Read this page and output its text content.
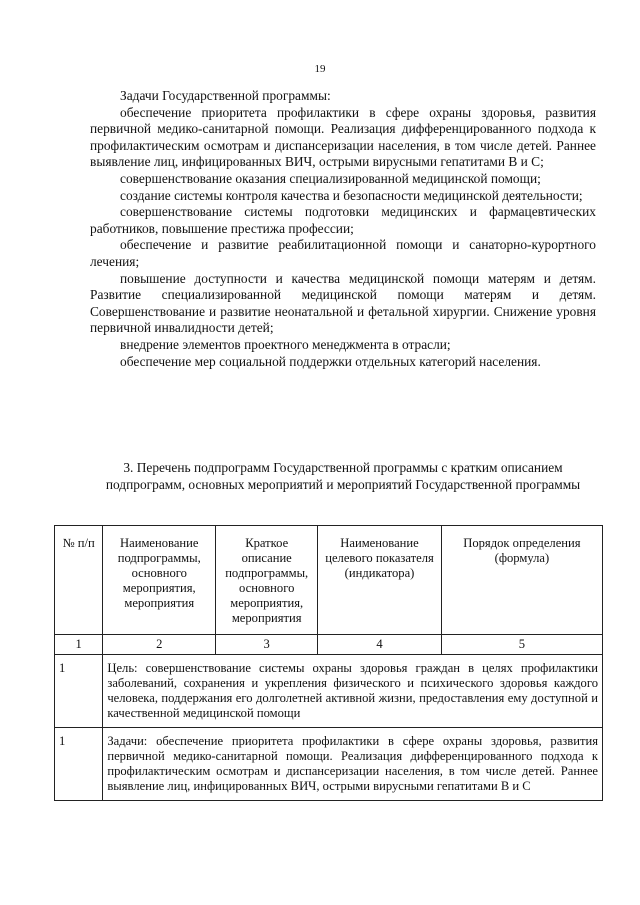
19

Задачи Государственной программы:

обеспечение приоритета профилактики в сфере охраны здоровья, развития первичной медико-санитарной помощи. Реализация дифференцированного подхода к профилактическим осмотрам и диспансеризации населения, в том числе детей. Раннее выявление лиц, инфицированных ВИЧ, острыми вирусными гепатитами В и С;

совершенствование оказания специализированной медицинской помощи;

создание системы контроля качества и безопасности медицинской деятельности;

совершенствование системы подготовки медицинских и фармацевтических работников, повышение престижа профессии;

обеспечение и развитие реабилитационной помощи и санаторно-курортного лечения;

повышение доступности и качества медицинской помощи матерям и детям. Развитие специализированной медицинской помощи матерям и детям. Совершенствование и развитие неонатальной и фетальной хирургии. Снижение уровня первичной инвалидности детей;

внедрение элементов проектного менеджмента в отрасли;

обеспечение мер социальной поддержки отдельных категорий населения.

3. Перечень подпрограмм Государственной программы с кратким описанием подпрограмм, основных мероприятий и мероприятий Государственной программы
№ п/п	Наименование подпрограммы, основного мероприятия, мероприятия	Краткое описание подпрограммы, основного мероприятия, мероприятия	Наименование целевого показателя (индикатора)	Порядок определения (формула)
1	2	3	4	5
1	Цель: совершенствование системы охраны здоровья граждан в целях профилактики заболеваний, сохранения и укрепления физического и психического здоровья каждого человека, поддержания его долголетней активной жизни, предоставления ему доступной и качественной медицинской помощи			
1	Задачи: обеспечение приоритета профилактики в сфере охраны здоровья, развития первичной медико-санитарной помощи. Реализация дифференцированного подхода к профилактическим осмотрам и диспансеризации населения, в том числе детей. Раннее выявление лиц, инфицированных ВИЧ, острыми вирусными гепатитами В и С			
